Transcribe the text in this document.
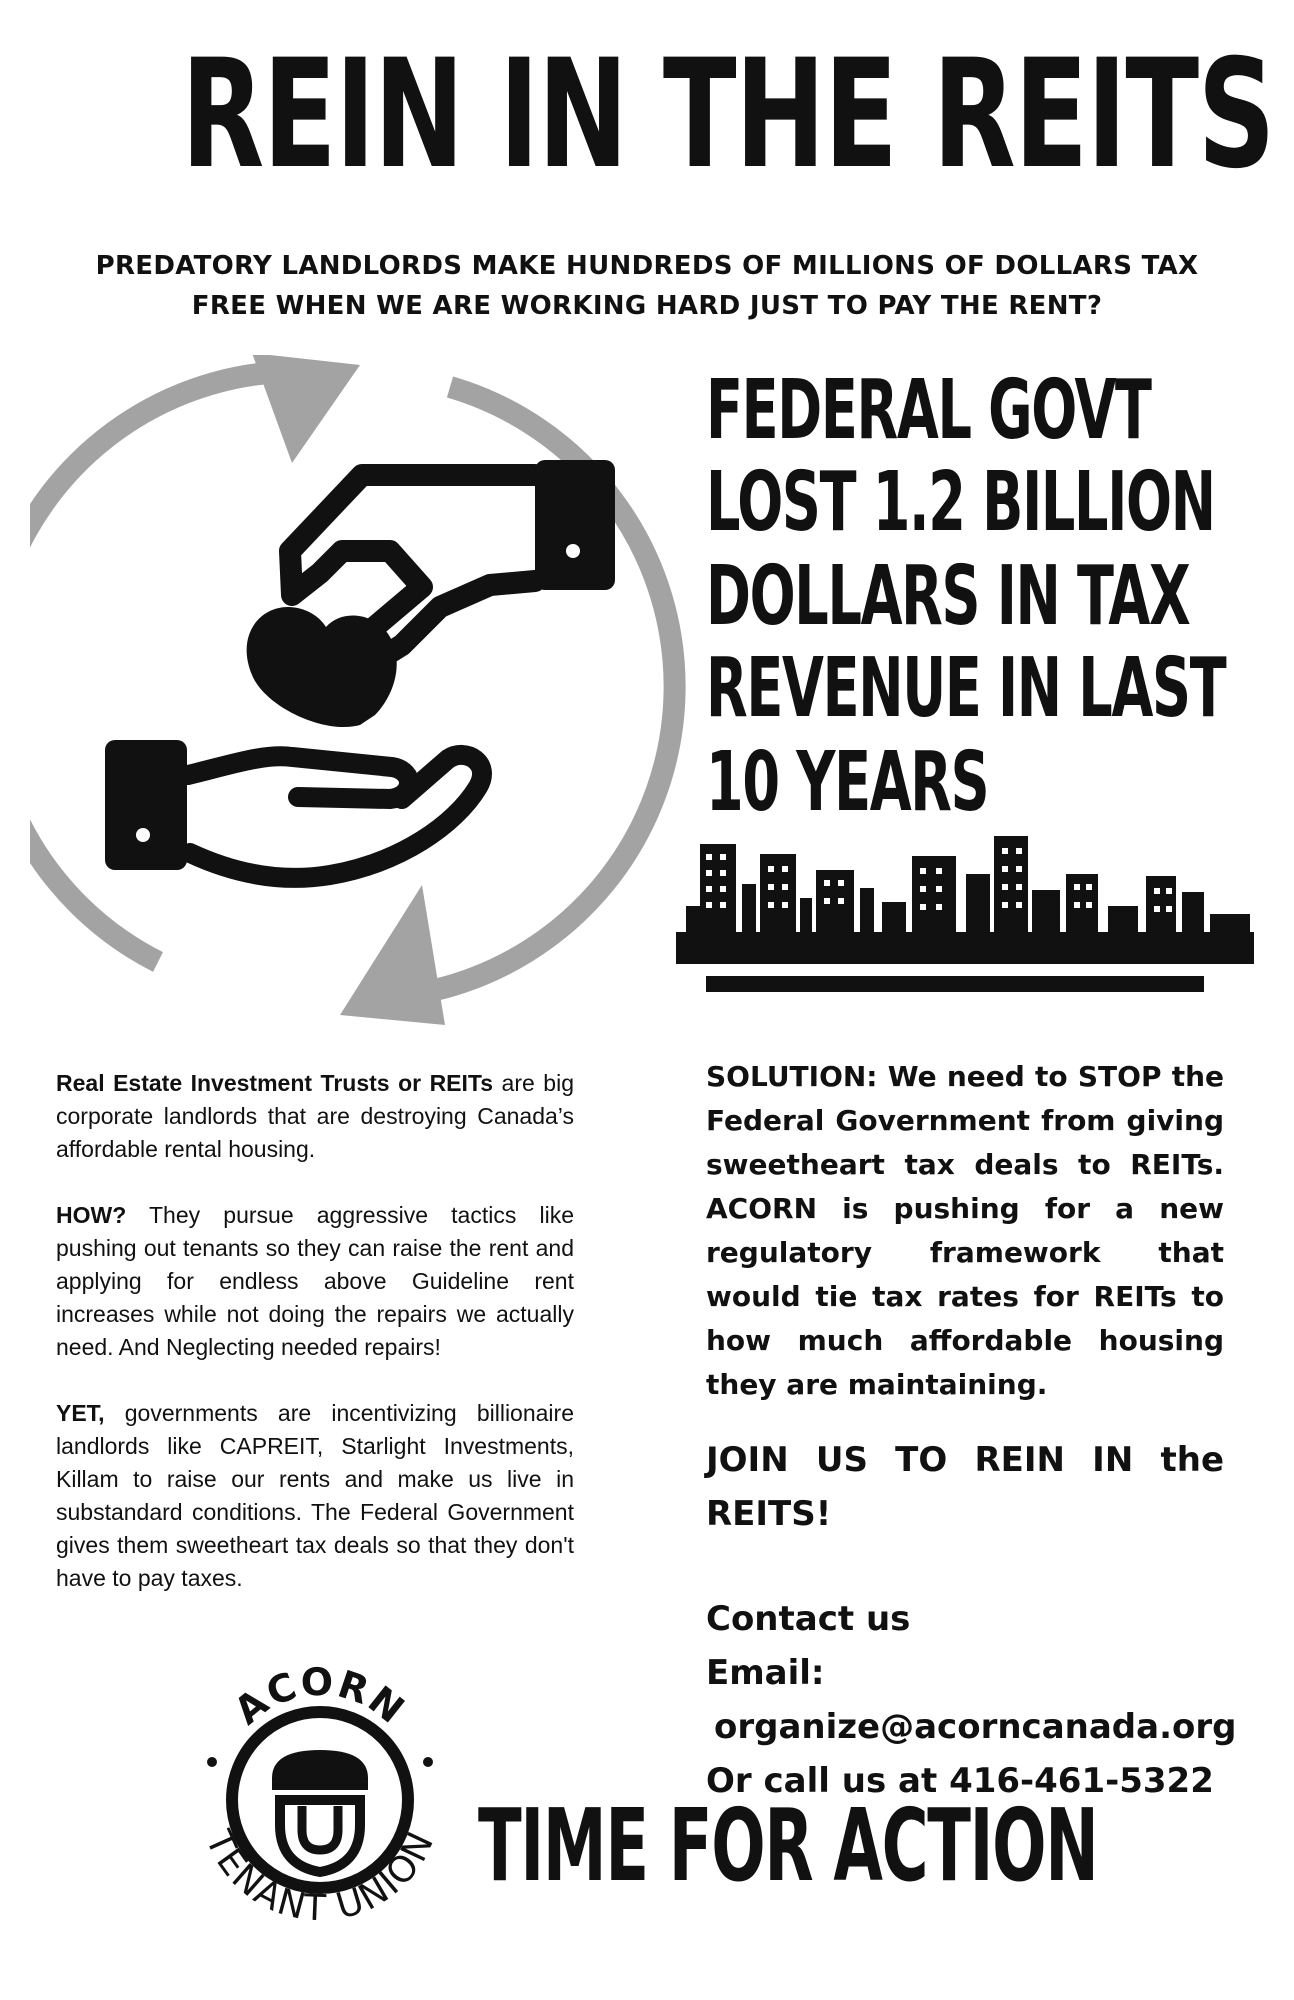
REIN IN THE REITS
PREDATORY LANDLORDS MAKE HUNDREDS OF MILLIONS OF DOLLARS TAX
FREE WHEN WE ARE WORKING HARD JUST TO PAY THE RENT?
FEDERAL GOVT
LOST 1.2 BILLION
DOLLARS IN TAX
REVENUE IN LAST
10 YEARS

Real Estate Investment Trusts or REITs are big corporate landlords that are destroying Canada’s affordable rental housing.

HOW? They pursue aggressive tactics like pushing out tenants so they can raise the rent and applying for endless above Guideline rent increases while not doing the repairs we actually need. And Neglecting needed repairs!

YET, governments are incentivizing billionaire landlords like CAPREIT, Starlight Investments, Killam to raise our rents and make us live in substandard conditions. The Federal Government gives them sweetheart tax deals so that they don't have to pay taxes.

SOLUTION: We need to STOP the Federal Government from giving sweetheart tax deals to REITs. ACORN is pushing for a new regulatory framework that would tie tax rates for REITs to how much affordable housing they are maintaining.
JOIN US TO REIN IN the REITS!
Contact us
Email:
organize@acorncanada.org
Or call us at 416-461-5322
ACORN
TENANT UNION TIME FOR ACTION
